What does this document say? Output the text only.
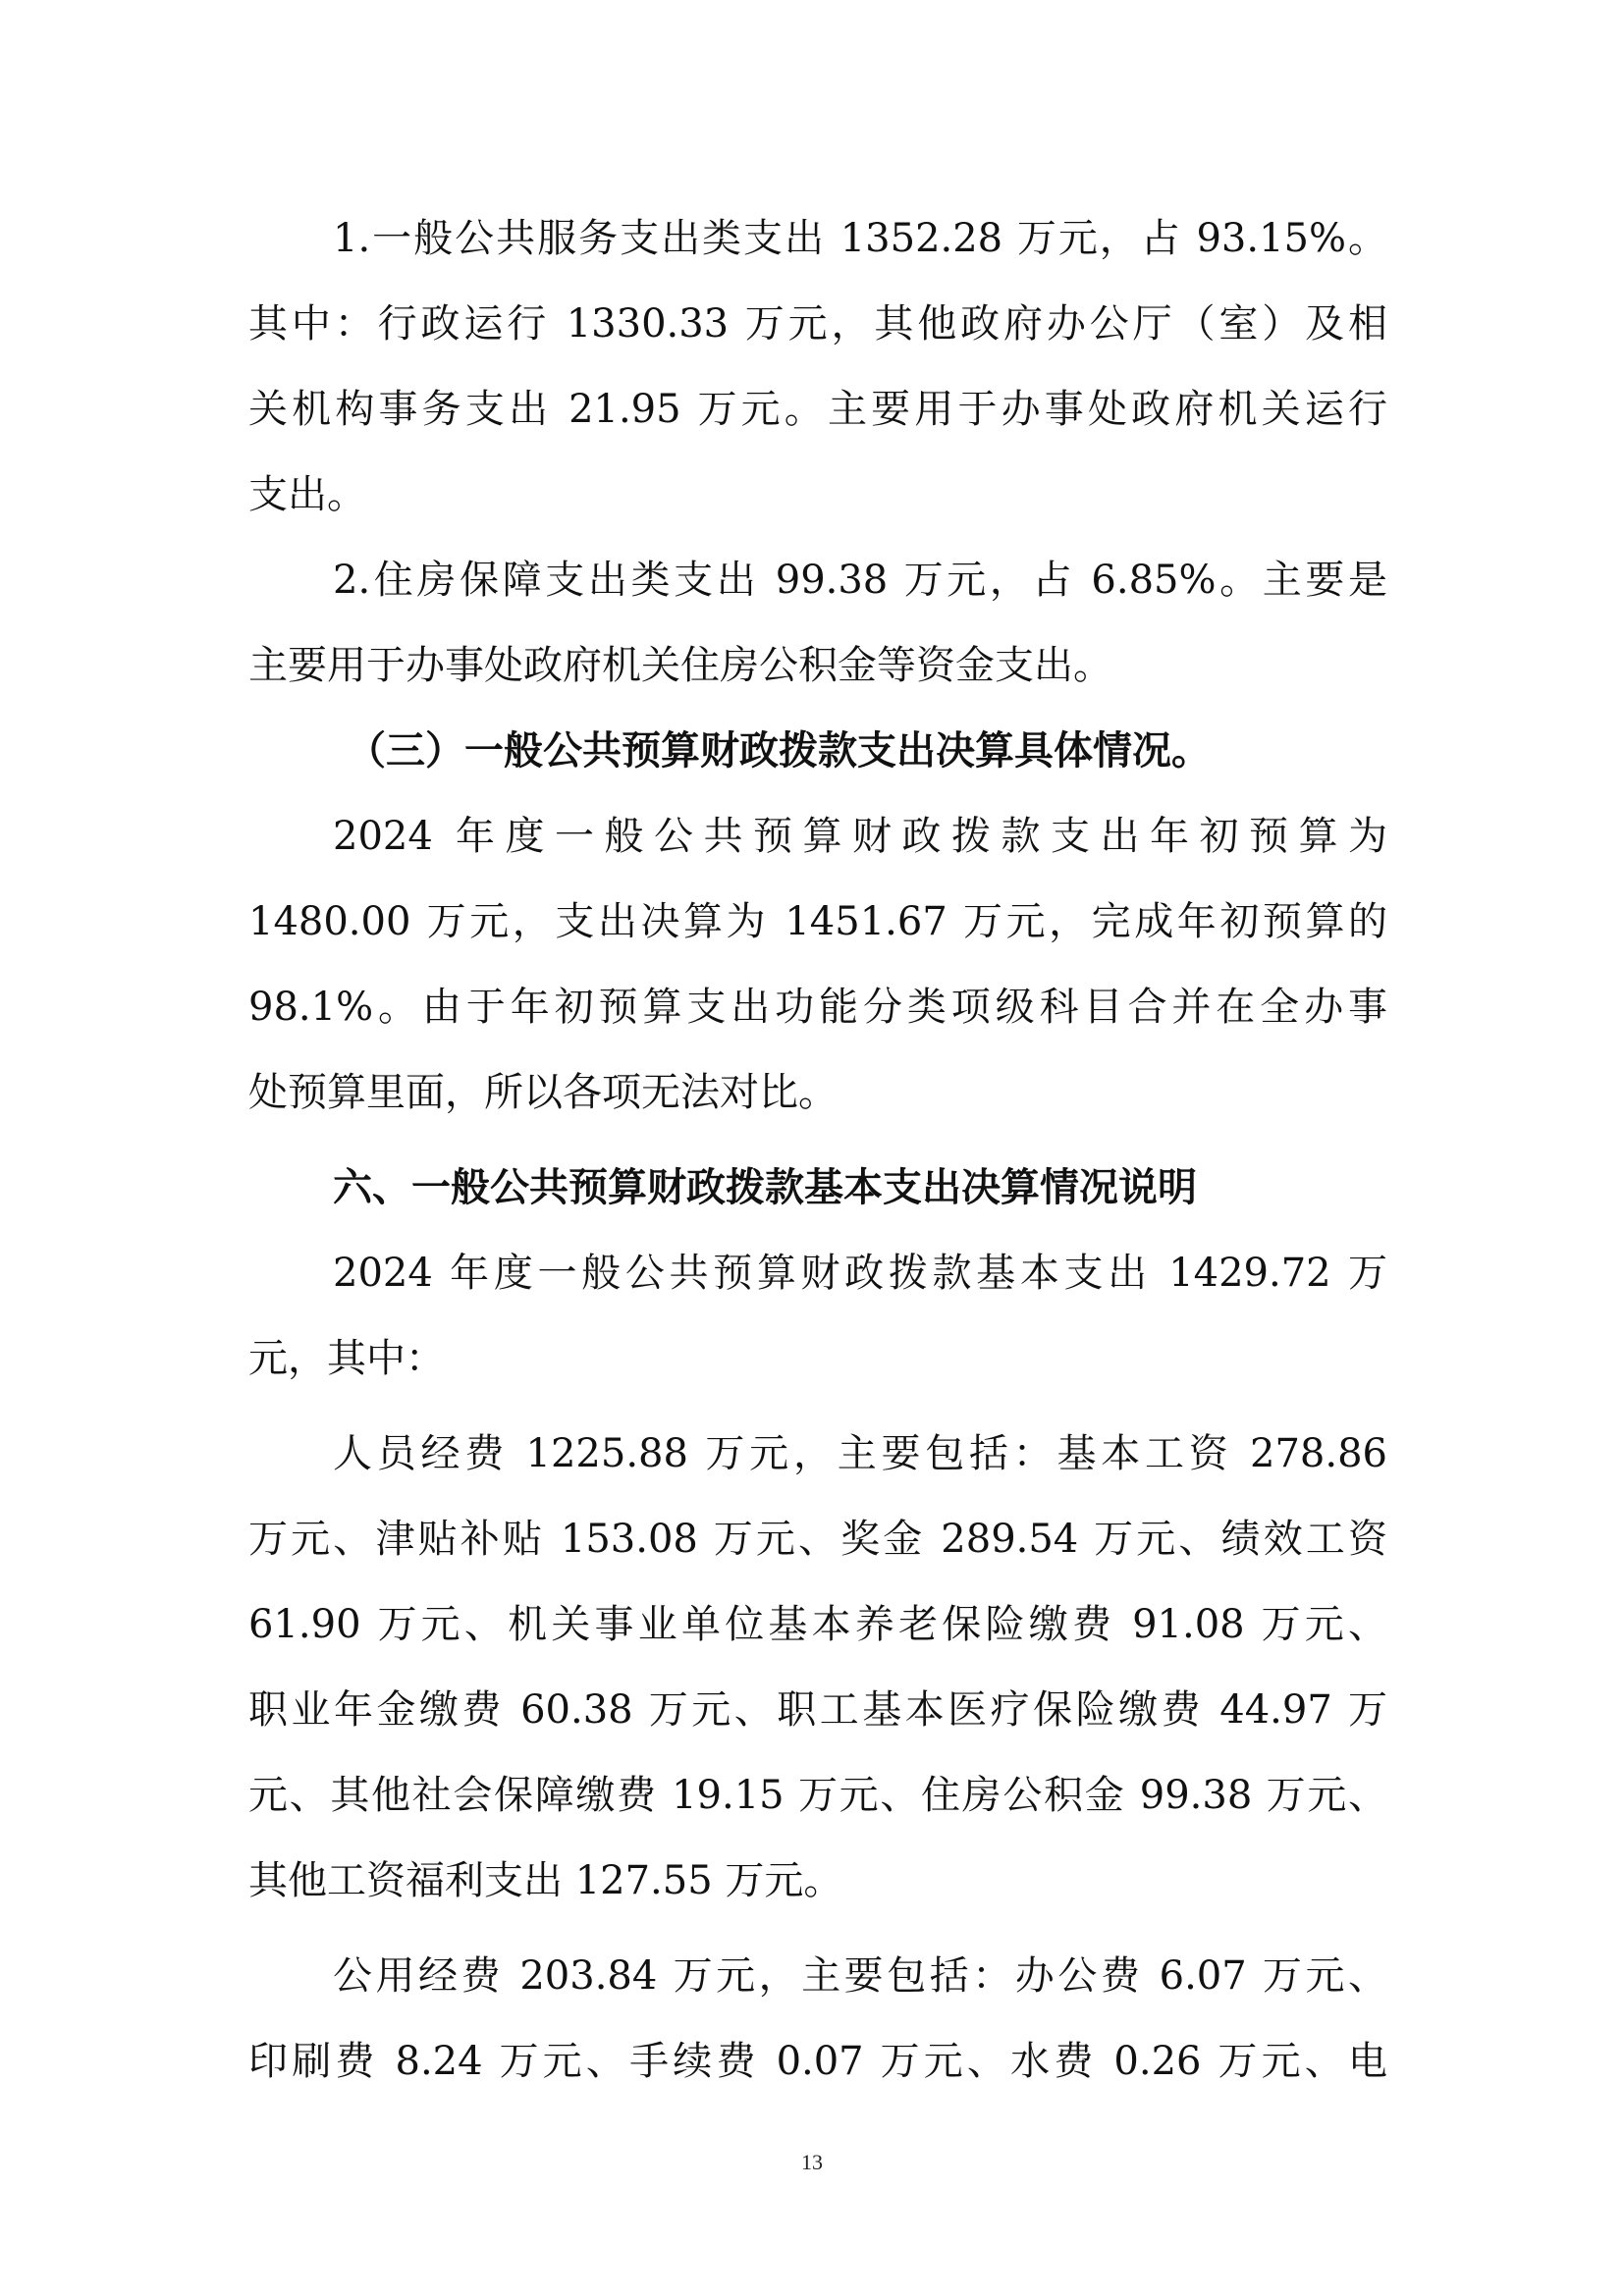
1.一般公共服务支出类支出 1352.28 万元，占 93.15%。
其中：行政运行 1330.33 万元，其他政府办公厅（室）及相
关机构事务支出 21.95 万元。主要用于办事处政府机关运行
支出。
2.住房保障支出类支出 99.38 万元，占 6.85%。主要是
主要用于办事处政府机关住房公积金等资金支出。
（三）一般公共预算财政拨款支出决算具体情况。
2024 年度一般公共预算财政拨款支出年初预算为
1480.00 万元，支出决算为 1451.67 万元，完成年初预算的
98.1%。由于年初预算支出功能分类项级科目合并在全办事
处预算里面，所以各项无法对比。
六、一般公共预算财政拨款基本支出决算情况说明
2024 年度一般公共预算财政拨款基本支出 1429.72 万
元，其中：
人员经费 1225.88 万元，主要包括：基本工资 278.86
万元、津贴补贴 153.08 万元、奖金 289.54 万元、绩效工资
61.90 万元、机关事业单位基本养老保险缴费 91.08 万元、
职业年金缴费 60.38 万元、职工基本医疗保险缴费 44.97 万
元、其他社会保障缴费 19.15 万元、住房公积金 99.38 万元、
其他工资福利支出 127.55 万元。
公用经费 203.84 万元，主要包括：办公费 6.07 万元、
印刷费 8.24 万元、手续费 0.07 万元、水费 0.26 万元、电
13
